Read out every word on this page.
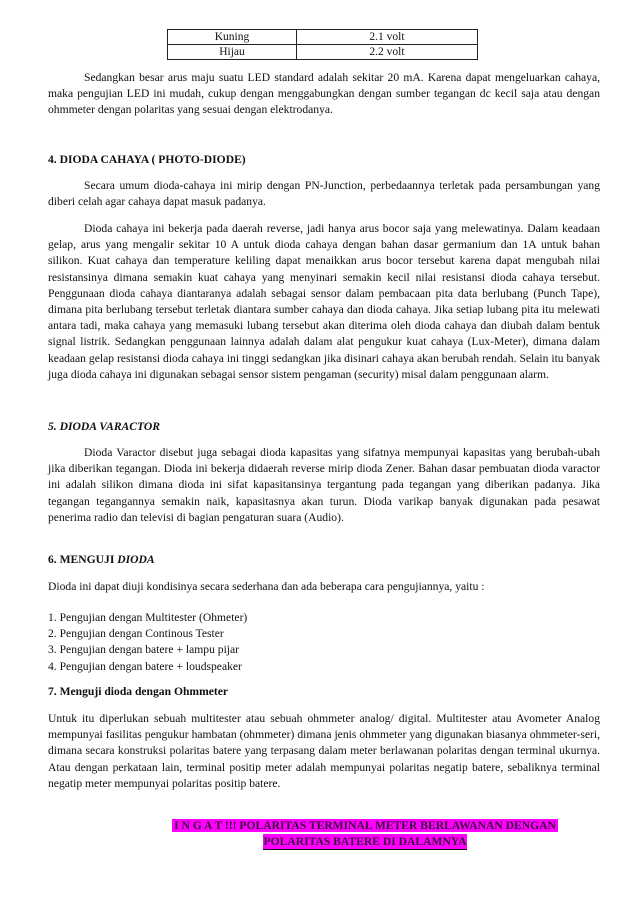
Kuning	2.1 volt
Hijau	2.2 volt
Sedangkan besar arus maju suatu LED standard adalah sekitar 20 mA. Karena dapat mengeluarkan cahaya, maka pengujian LED ini mudah, cukup dengan menggabungkan dengan sumber tegangan dc kecil saja atau dengan ohmmeter dengan polaritas yang sesuai dengan elektrodanya.
4. DIODA CAHAYA ( PHOTO-DIODE)
Secara umum dioda-cahaya ini mirip dengan PN-Junction, perbedaannya terletak pada persambungan yang diberi celah agar cahaya dapat masuk padanya.
Dioda cahaya ini bekerja pada daerah reverse, jadi hanya arus bocor saja yang melewatinya. Dalam keadaan gelap, arus yang mengalir sekitar 10 A untuk dioda cahaya dengan bahan dasar germanium dan 1A untuk bahan silikon. Kuat cahaya dan temperature keliling dapat menaikkan arus bocor tersebut karena dapat mengubah nilai resistansinya dimana semakin kuat cahaya yang menyinari semakin kecil nilai resistansi dioda cahaya tersebut. Penggunaan dioda cahaya diantaranya adalah sebagai sensor dalam pembacaan pita data berlubang (Punch Tape), dimana pita berlubang tersebut terletak diantara sumber cahaya dan dioda cahaya. Jika setiap lubang pita itu melewati antara tadi, maka cahaya yang memasuki lubang tersebut akan diterima oleh dioda cahaya dan diubah dalam bentuk signal listrik. Sedangkan penggunaan lainnya adalah dalam alat pengukur kuat cahaya (Lux-Meter), dimana dalam keadaan gelap resistansi dioda cahaya ini tinggi sedangkan jika disinari cahaya akan berubah rendah. Selain itu banyak juga dioda cahaya ini digunakan sebagai sensor sistem pengaman (security) misal dalam penggunaan alarm.
5. DIODA VARACTOR
Dioda Varactor disebut juga sebagai dioda kapasitas yang sifatnya mempunyai kapasitas yang berubah-ubah jika diberikan tegangan. Dioda ini bekerja didaerah reverse mirip dioda Zener. Bahan dasar pembuatan dioda varactor ini adalah silikon dimana dioda ini sifat kapasitansinya tergantung pada tegangan yang diberikan padanya. Jika tegangan tegangannya semakin naik, kapasitasnya akan turun. Dioda varikap banyak digunakan pada pesawat penerima radio dan televisi di bagian pengaturan suara (Audio).
6. MENGUJI DIODA
Dioda ini dapat diuji kondisinya secara sederhana dan ada beberapa cara pengujiannya, yaitu :
1. Pengujian dengan Multitester (Ohmeter)
2. Pengujian dengan Continous Tester
3. Pengujian dengan batere + lampu pijar
4. Pengujian dengan batere + loudspeaker
7. Menguji dioda dengan Ohmmeter
Untuk itu diperlukan sebuah multitester atau sebuah ohmmeter analog/ digital. Multitester atau Avometer Analog mempunyai fasilitas pengukur hambatan (ohmmeter) dimana jenis ohmmeter yang digunakan biasanya ohmmeter-seri, dimana secara konstruksi polaritas batere yang terpasang dalam meter berlawanan polaritas dengan terminal ukurnya. Atau dengan perkataan lain, terminal positip meter adalah mempunyai polaritas negatip batere, sebaliknya terminal negatip meter mempunyai polaritas positip batere.
I N G A T !!! POLARITAS TERMINAL METER BERLAWANAN DENGAN
POLARITAS BATERE DI DALAMNYA
